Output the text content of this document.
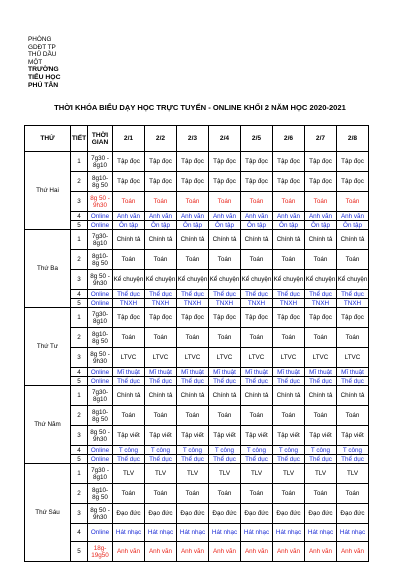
PHÒNG
GDĐT TP
THỦ DẦU
MỘT
TRƯỜNG
TIỂU HỌC
PHÚ TÂN
THỜI KHÓA BIỂU DẠY HỌC TRỰC TUYẾN - ONLINE KHỐI 2 NĂM HỌC 2020-2021
THỨ	TIẾT	THỜI GIAN	2/1	2/2	2/3	2/4	2/5	2/6	2/7	2/8
Thứ Hai	1	7g30 - 8g10	Tập đọc	Tập đọc	Tập đọc	Tập đọc	Tập đọc	Tập đọc	Tập đọc	Tập đọc
	2	8g10- 8g 50	Tập đọc	Tập đọc	Tập đọc	Tập đọc	Tập đọc	Tập đọc	Tập đọc	Tập đọc
	3	8g 50 - 9h30	Toán	Toán	Toán	Toán	Toán	Toán	Toán	Toán
	4	Online	Anh văn	Anh văn	Anh văn	Anh văn	Anh văn	Anh văn	Anh văn	Anh văn
	5	Online	Ôn tập	Ôn tập	Ôn tập	Ôn tập	Ôn tập	Ôn tập	Ôn tập	Ôn tập
Thứ Ba	1	7g30- 8g10	Chính tả	Chính tả	Chính tả	Chính tả	Chính tả	Chính tả	Chính tả	Chính tả
	2	8g10- 8g 50	Toán	Toán	Toán	Toán	Toán	Toán	Toán	Toán
	3	8g 50 - 9h30	Kể chuyện	Kể chuyện	Kể chuyện	Kể chuyện	Kể chuyện	Kể chuyện	Kể chuyện	Kể chuyện
	4	Online	Thể dục	Thể dục	Thể dục	Thể dục	Thể dục	Thể dục	Thể dục	Thể dục
	5	Online	TNXH	TNXH	TNXH	TNXH	TNXH	TNXH	TNXH	TNXH
Thứ Tư	1	7g30- 8g10	Tập đọc	Tập đọc	Tập đọc	Tập đọc	Tập đọc	Tập đọc	Tập đọc	Tập đọc
	2	8g10- 8g 50	Toán	Toán	Toán	Toán	Toán	Toán	Toán	Toán
	3	8g 50 - 9h30	LTVC	LTVC	LTVC	LTVC	LTVC	LTVC	LTVC	LTVC
	4	Online	Mĩ thuật	Mĩ thuật	Mĩ thuật	Mĩ thuật	Mĩ thuật	Mĩ thuật	Mĩ thuật	Mĩ thuật
	5	Online	Thể dục	Thể dục	Thể dục	Thể dục	Thể dục	Thể dục	Thể dục	Thể dục
Thứ Năm	1	7g30- 8g10	Chính tả	Chính tả	Chính tả	Chính tả	Chính tả	Chính tả	Chính tả	Chính tả
	2	8g10- 8g 50	Toán	Toán	Toán	Toán	Toán	Toán	Toán	Toán
	3	8g 50 - 9h30	Tập viết	Tập viết	Tập viết	Tập viết	Tập viết	Tập viết	Tập viết	Tập viết
	4	Online	T công	T công	T công	T công	T công	T công	T công	T công
	5	Online	Thể dục	Thể dục	Thể dục	Thể dục	Thể dục	Thể dục	Thể dục	Thể dục
Thứ Sáu	1	7g30 - 8g10	TLV	TLV	TLV	TLV	TLV	TLV	TLV	TLV
	2	8g10- 8g 50	Toán	Toán	Toán	Toán	Toán	Toán	Toán	Toán
	3	8g 50 - 9h30	Đạo đức	Đạo đức	Đạo đức	Đạo đức	Đạo đức	Đạo đức	Đạo đức	Đạo đức
	4	Online	Hát nhạc	Hát nhạc	Hát nhạc	Hát nhạc	Hát nhạc	Hát nhạc	Hát nhạc	Hát nhạc
	5	18g-19g50	Anh văn	Anh văn	Anh văn	Anh văn	Anh văn	Anh văn	Anh văn	Anh văn
